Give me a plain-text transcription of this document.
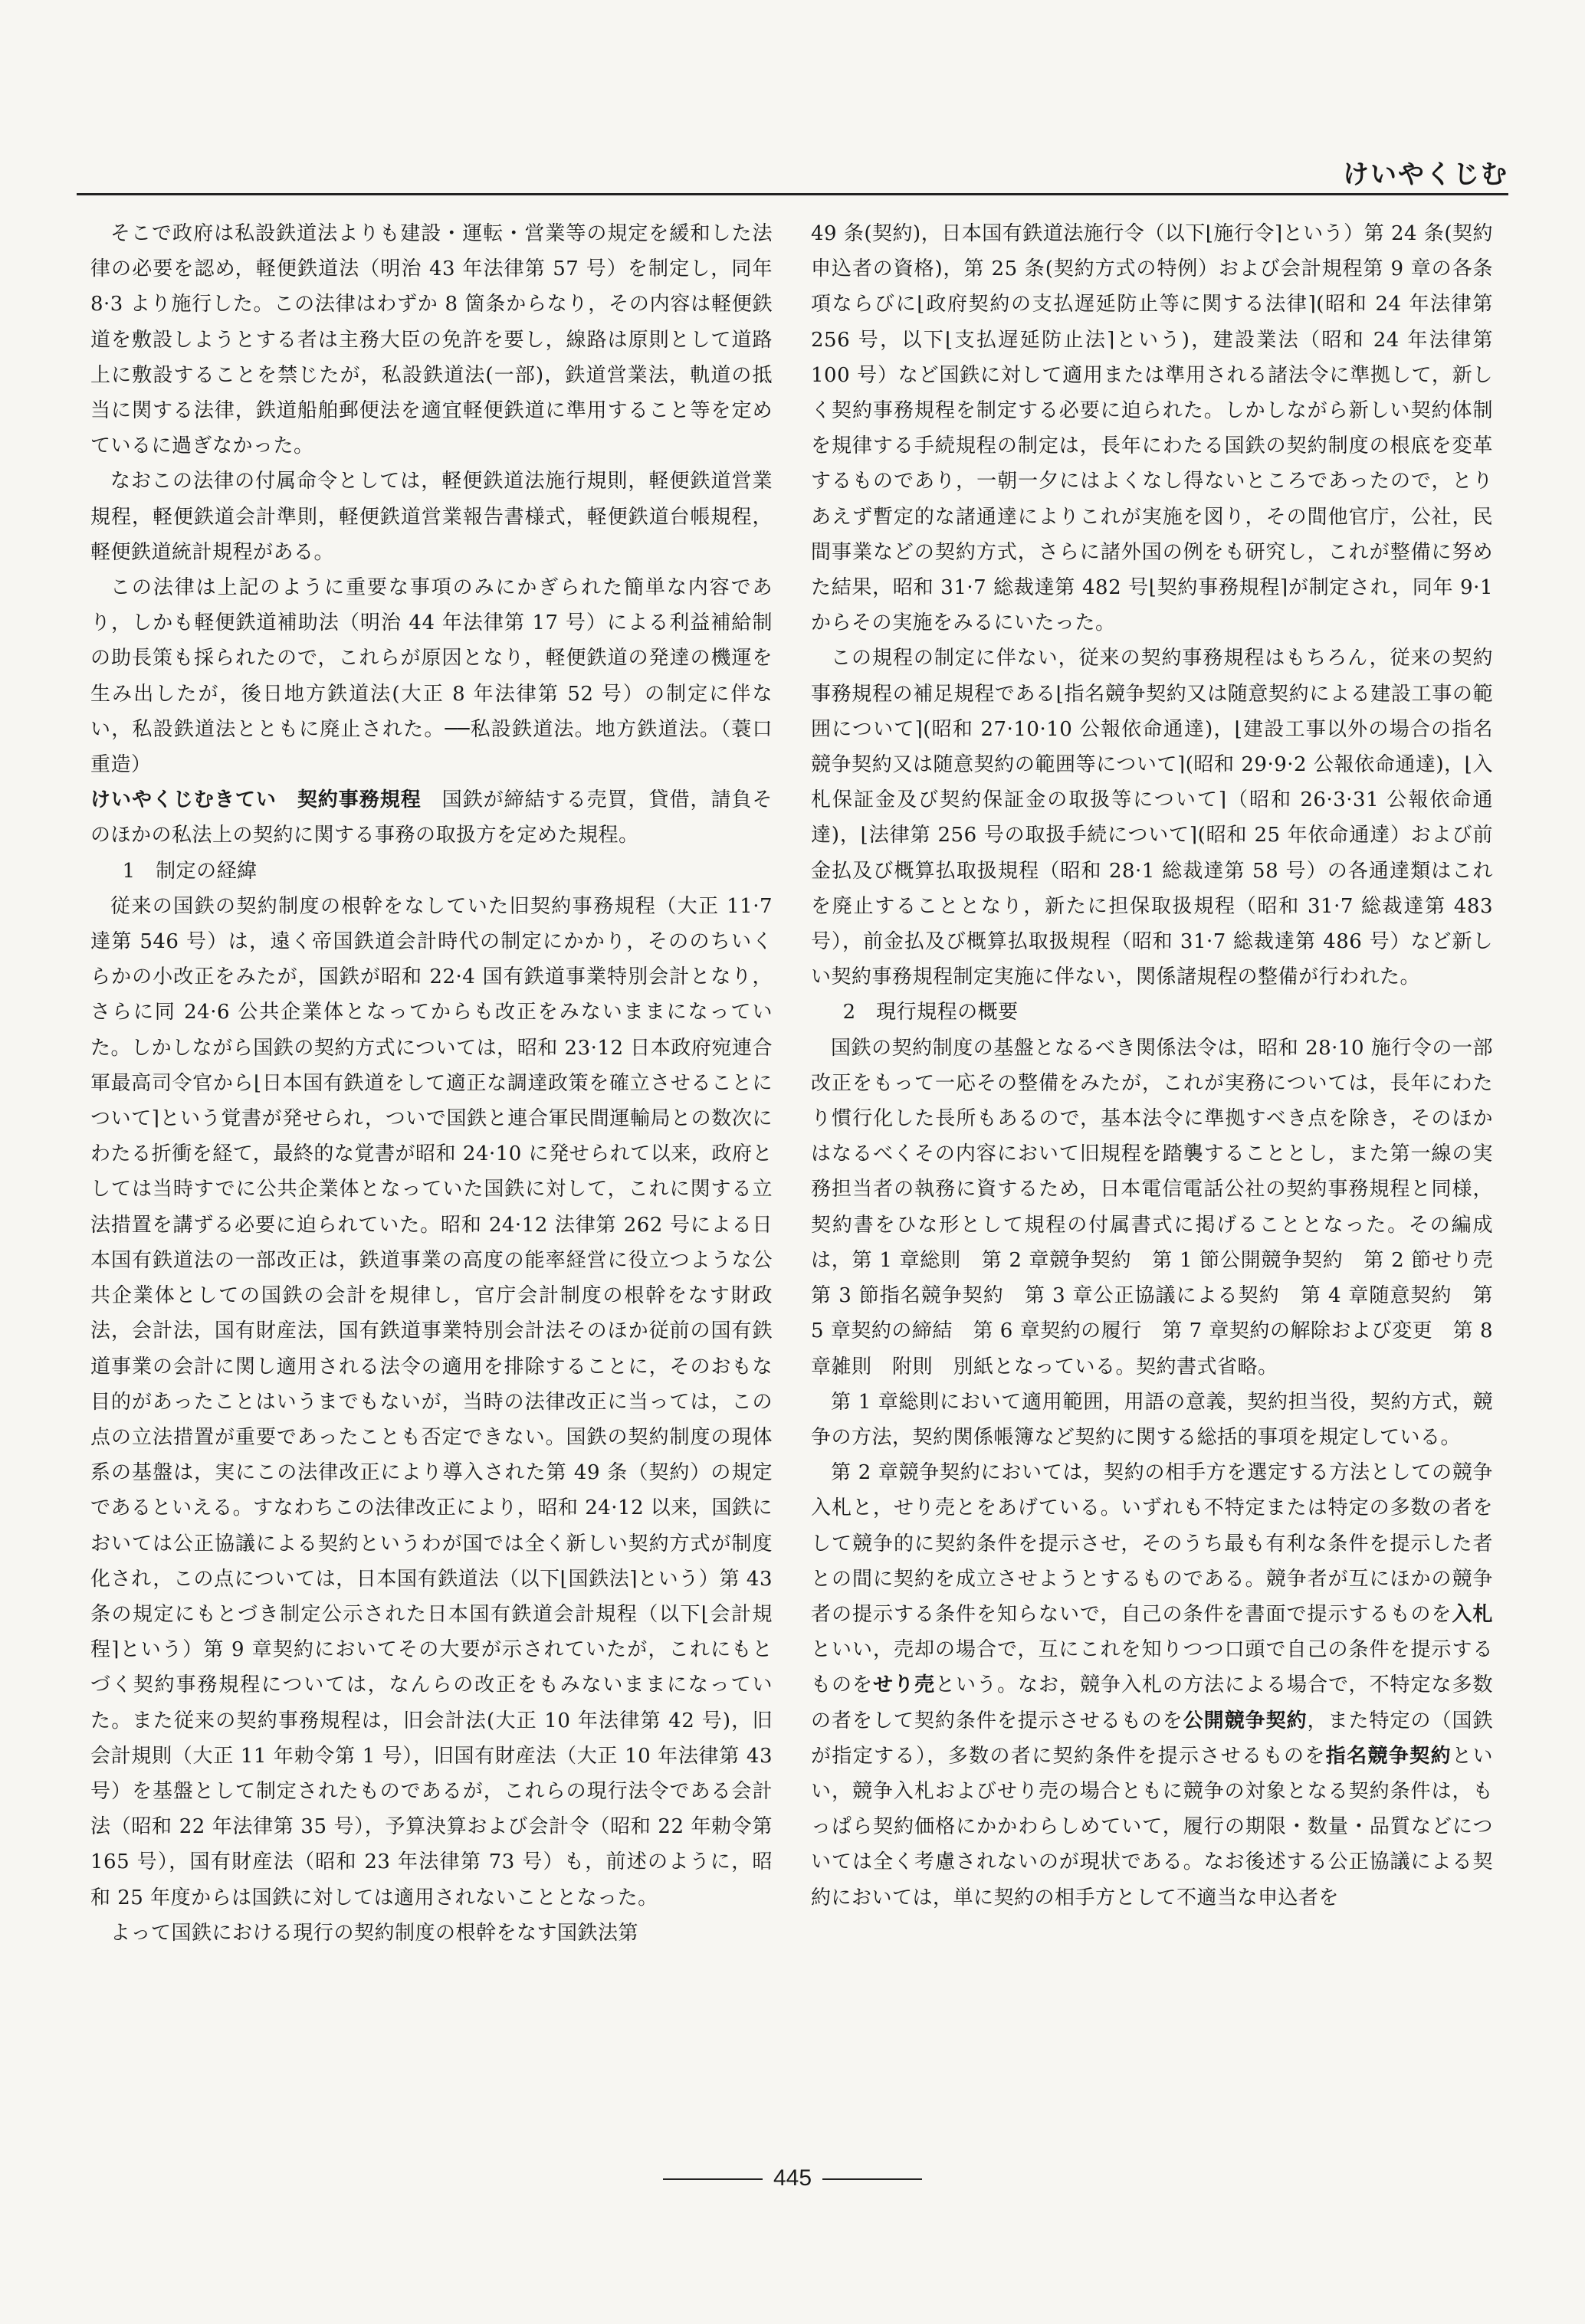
けいやくじむ

そこで政府は私設鉄道法よりも建設・運転・営業等の規定を緩和した法律の必要を認め，軽便鉄道法（明治 43 年法律第 57 号）を制定し，同年 8·3 より施行した。この法律はわずか 8 箇条からなり，その内容は軽便鉄道を敷設しようとする者は主務大臣の免許を要し，線路は原則として道路上に敷設することを禁じたが，私設鉄道法(一部)，鉄道営業法，軌道の抵当に関する法律，鉄道船舶郵便法を適宜軽便鉄道に準用すること等を定めているに過ぎなかった。

なおこの法律の付属命令としては，軽便鉄道法施行規則，軽便鉄道営業規程，軽便鉄道会計準則，軽便鉄道営業報告書様式，軽便鉄道台帳規程，軽便鉄道統計規程がある。

この法律は上記のように重要な事項のみにかぎられた簡単な内容であり，しかも軽便鉄道補助法（明治 44 年法律第 17 号）による利益補給制の助長策も採られたので，これらが原因となり，軽便鉄道の発達の機運を生み出したが，後日地方鉄道法(大正 8 年法律第 52 号）の制定に伴ない，私設鉄道法とともに廃止された。──私設鉄道法。地方鉄道法。（蓑口重造）

けいやくじむきてい　 契約事務規程　 国鉄が締結する売買，貸借，請負そのほかの私法上の契約に関する事務の取扱方を定めた規程。

1　制定の経緯

従来の国鉄の契約制度の根幹をなしていた旧契約事務規程（大正 11·7 達第 546 号）は，遠く帝国鉄道会計時代の制定にかかり，そののちいくらかの小改正をみたが，国鉄が昭和 22·4 国有鉄道事業特別会計となり，さらに同 24·6 公共企業体となってからも改正をみないままになっていた。しかしながら国鉄の契約方式については，昭和 23·12 日本政府宛連合軍最高司令官から⌊日本国有鉄道をして適正な調達政策を確立させることについて⌉という覚書が発せられ，ついで国鉄と連合軍民間運輸局との数次にわたる折衝を経て，最終的な覚書が昭和 24·10 に発せられて以来，政府としては当時すでに公共企業体となっていた国鉄に対して，これに関する立法措置を講ずる必要に迫られていた。昭和 24·12 法律第 262 号による日本国有鉄道法の一部改正は，鉄道事業の高度の能率経営に役立つような公共企業体としての国鉄の会計を規律し，官庁会計制度の根幹をなす財政法，会計法，国有財産法，国有鉄道事業特別会計法そのほか従前の国有鉄道事業の会計に関し適用される法令の適用を排除することに，そのおもな目的があったことはいうまでもないが，当時の法律改正に当っては，この点の立法措置が重要であったことも否定できない。国鉄の契約制度の現体系の基盤は，実にこの法律改正により導入された第 49 条（契約）の規定であるといえる。すなわちこの法律改正により，昭和 24·12 以来，国鉄においては公正協議による契約というわが国では全く新しい契約方式が制度化され，この点については，日本国有鉄道法（以下⌊国鉄法⌉という）第 43 条の規定にもとづき制定公示された日本国有鉄道会計規程（以下⌊会計規程⌉という）第 9 章契約においてその大要が示されていたが，これにもとづく契約事務規程については，なんらの改正をもみないままになっていた。また従来の契約事務規程は，旧会計法(大正 10 年法律第 42 号)，旧会計規則（大正 11 年勅令第 1 号），旧国有財産法（大正 10 年法律第 43 号）を基盤として制定されたものであるが，これらの現行法令である会計法（昭和 22 年法律第 35 号），予算決算および会計令（昭和 22 年勅令第 165 号），国有財産法（昭和 23 年法律第 73 号）も，前述のように，昭和 25 年度からは国鉄に対しては適用されないこととなった。

よって国鉄における現行の契約制度の根幹をなす国鉄法第

49 条(契約)，日本国有鉄道法施行令（以下⌊施行令⌉という）第 24 条(契約申込者の資格)，第 25 条(契約方式の特例）および会計規程第 9 章の各条項ならびに⌊政府契約の支払遅延防止等に関する法律⌉(昭和 24 年法律第 256 号，以下⌊支払遅延防止法⌉という)，建設業法（昭和 24 年法律第 100 号）など国鉄に対して適用または準用される諸法令に準拠して，新しく契約事務規程を制定する必要に迫られた。しかしながら新しい契約体制を規律する手続規程の制定は，長年にわたる国鉄の契約制度の根底を変革するものであり，一朝一夕にはよくなし得ないところであったので，とりあえず暫定的な諸通達によりこれが実施を図り，その間他官庁，公社，民間事業などの契約方式，さらに諸外国の例をも研究し，これが整備に努めた結果，昭和 31·7 総裁達第 482 号⌊契約事務規程⌉が制定され，同年 9·1 からその実施をみるにいたった。

この規程の制定に伴ない，従来の契約事務規程はもちろん，従来の契約事務規程の補足規程である⌊指名競争契約又は随意契約による建設工事の範囲について⌉(昭和 27·10·10 公報依命通達)，⌊建設工事以外の場合の指名競争契約又は随意契約の範囲等について⌉(昭和 29·9·2 公報依命通達)，⌊入札保証金及び契約保証金の取扱等について⌉（昭和 26·3·31 公報依命通達)，⌊法律第 256 号の取扱手続について⌉(昭和 25 年依命通達）および前金払及び概算払取扱規程（昭和 28·1 総裁達第 58 号）の各通達類はこれを廃止することとなり，新たに担保取扱規程（昭和 31·7 総裁達第 483 号），前金払及び概算払取扱規程（昭和 31·7 総裁達第 486 号）など新しい契約事務規程制定実施に伴ない，関係諸規程の整備が行われた。

2　現行規程の概要

国鉄の契約制度の基盤となるべき関係法令は，昭和 28·10 施行令の一部改正をもって一応その整備をみたが，これが実務については，長年にわたり慣行化した長所もあるので，基本法令に準拠すべき点を除き，そのほかはなるべくその内容において旧規程を踏襲することとし，また第一線の実務担当者の執務に資するため，日本電信電話公社の契約事務規程と同様，契約書をひな形として規程の付属書式に掲げることとなった。その編成は，第 1 章総則　第 2 章競争契約　第 1 節公開競争契約　第 2 節せり売　第 3 節指名競争契約　第 3 章公正協議による契約　第 4 章随意契約　第 5 章契約の締結　第 6 章契約の履行　第 7 章契約の解除および変更　第 8 章雑則　附則　別紙となっている。契約書式省略。

第 1 章総則において適用範囲，用語の意義，契約担当役，契約方式，競争の方法，契約関係帳簿など契約に関する総括的事項を規定している。

第 2 章競争契約においては，契約の相手方を選定する方法としての競争入札と，せり売とをあげている。いずれも不特定または特定の多数の者をして競争的に契約条件を提示させ，そのうち最も有利な条件を提示した者との間に契約を成立させようとするものである。競争者が互にほかの競争者の提示する条件を知らないで，自己の条件を書面で提示するものを入札といい，売却の場合で，互にこれを知りつつ口頭で自己の条件を提示するものをせり売という。なお，競争入札の方法による場合で，不特定な多数の者をして契約条件を提示させるものを公開競争契約，また特定の（国鉄が指定する），多数の者に契約条件を提示させるものを指名競争契約といい，競争入札およびせり売の場合ともに競争の対象となる契約条件は，もっぱら契約価格にかかわらしめていて，履行の期限・数量・品質などについては全く考慮されないのが現状である。なお後述する公正協議による契約においては，単に契約の相手方として不適当な申込者を

445
